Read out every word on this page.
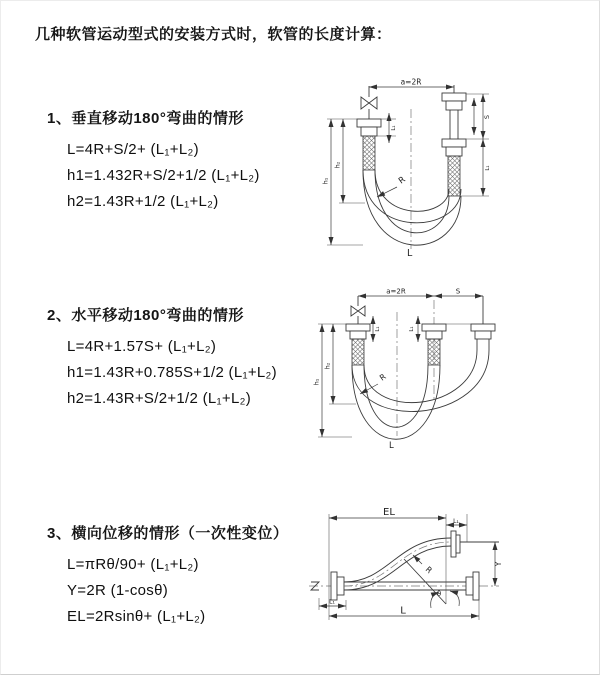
几种软管运动型式的安装方式时，软管的长度计算：
1、垂直移动180°弯曲的情形
L=4R+S/2+ (L₁+L₂)
h1=1.432R+S/2+1/2 (L₁+L₂)
h2=1.43R+1/2 (L₁+L₂)
2、水平移动180°弯曲的情形
L=4R+1.57S+ (L₁+L₂)
h1=1.43R+0.785S+1/2 (L₁+L₂)
h2=1.43R+S/2+1/2 (L₁+L₂)
3、横向位移的情形（一次性变位）
L=πRθ/90+ (L₁+L₂)
Y=2R (1-cosθ)
EL=2Rsinθ+ (L₁+L₂)
a=2R
h₁
h₂
L₁
S
L₁
R
L
a=2R	S
h₁
h₂
L₁	L₁
R
L
EL
L₁
Y
L
L₁
R
θ
